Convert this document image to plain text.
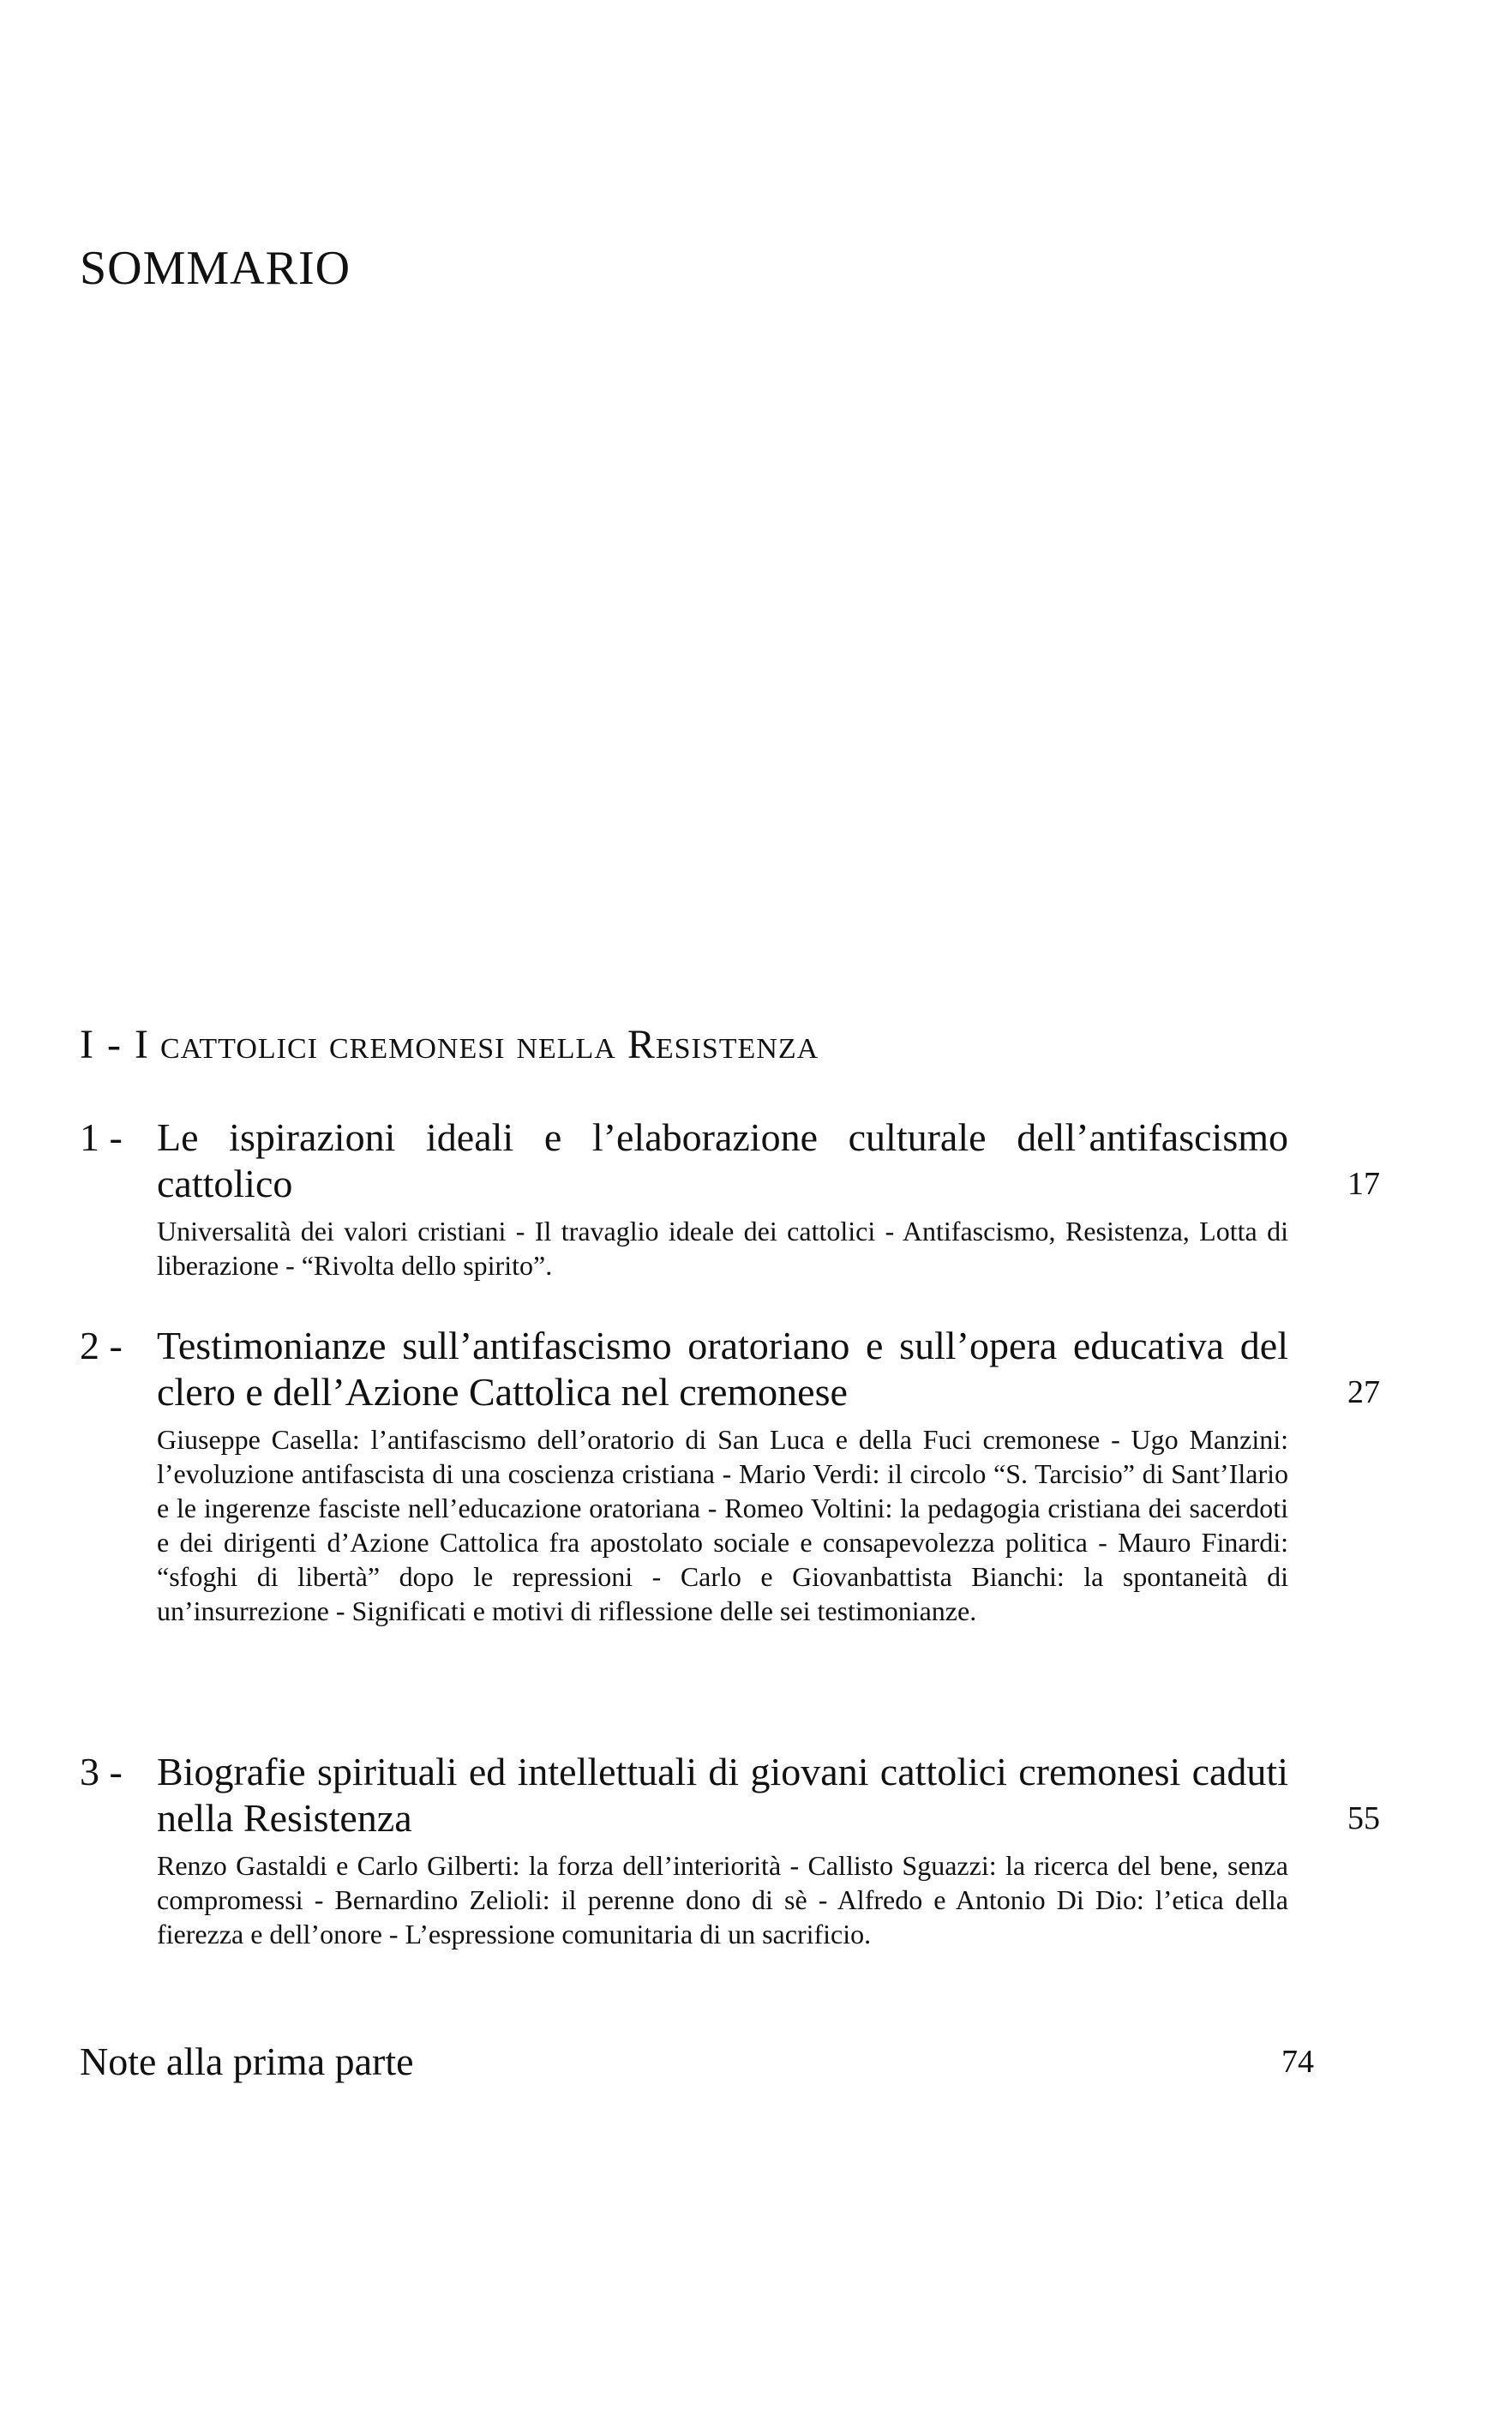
SOMMARIO
I - I cattolici cremonesi nella Resistenza
1 - Le ispirazioni ideali e l’elaborazione culturale dell’antifascismo cattolico	17
Universalità dei valori cristiani - Il travaglio ideale dei cattolici - Antifascismo, Resistenza, Lotta di liberazione - “Rivolta dello spirito”.
2 - Testimonianze sull’antifascismo oratoriano e sull’opera educativa del clero e dell’Azione Cattolica nel cremonese	27
Giuseppe Casella: l’antifascismo dell’oratorio di San Luca e della Fuci cremonese - Ugo Manzini: l’evoluzione antifascista di una coscienza cristiana - Mario Verdi: il circolo “S. Tarcisio” di Sant’Ilario e le ingerenze fasciste nell’educazione oratoriana - Romeo Voltini: la pedagogia cristiana dei sacerdoti e dei dirigenti d’Azione Cattolica fra apostolato sociale e consapevolezza politica - Mauro Finardi: “sfoghi di libertà” dopo le repressioni - Carlo e Giovanbattista Bianchi: la spontaneità di un’insurrezione - Significati e motivi di riflessione delle sei testimonianze.
3 - Biografie spirituali ed intellettuali di giovani cattolici cremonesi caduti nella Resistenza	55
Renzo Gastaldi e Carlo Gilberti: la forza dell’interiorità - Callisto Sguazzi: la ricerca del bene, senza compromessi - Bernardino Zelioli: il perenne dono di sè - Alfredo e Antonio Di Dio: l’etica della fierezza e dell’onore - L’espressione comunitaria di un sacrificio.
Note alla prima parte	74
